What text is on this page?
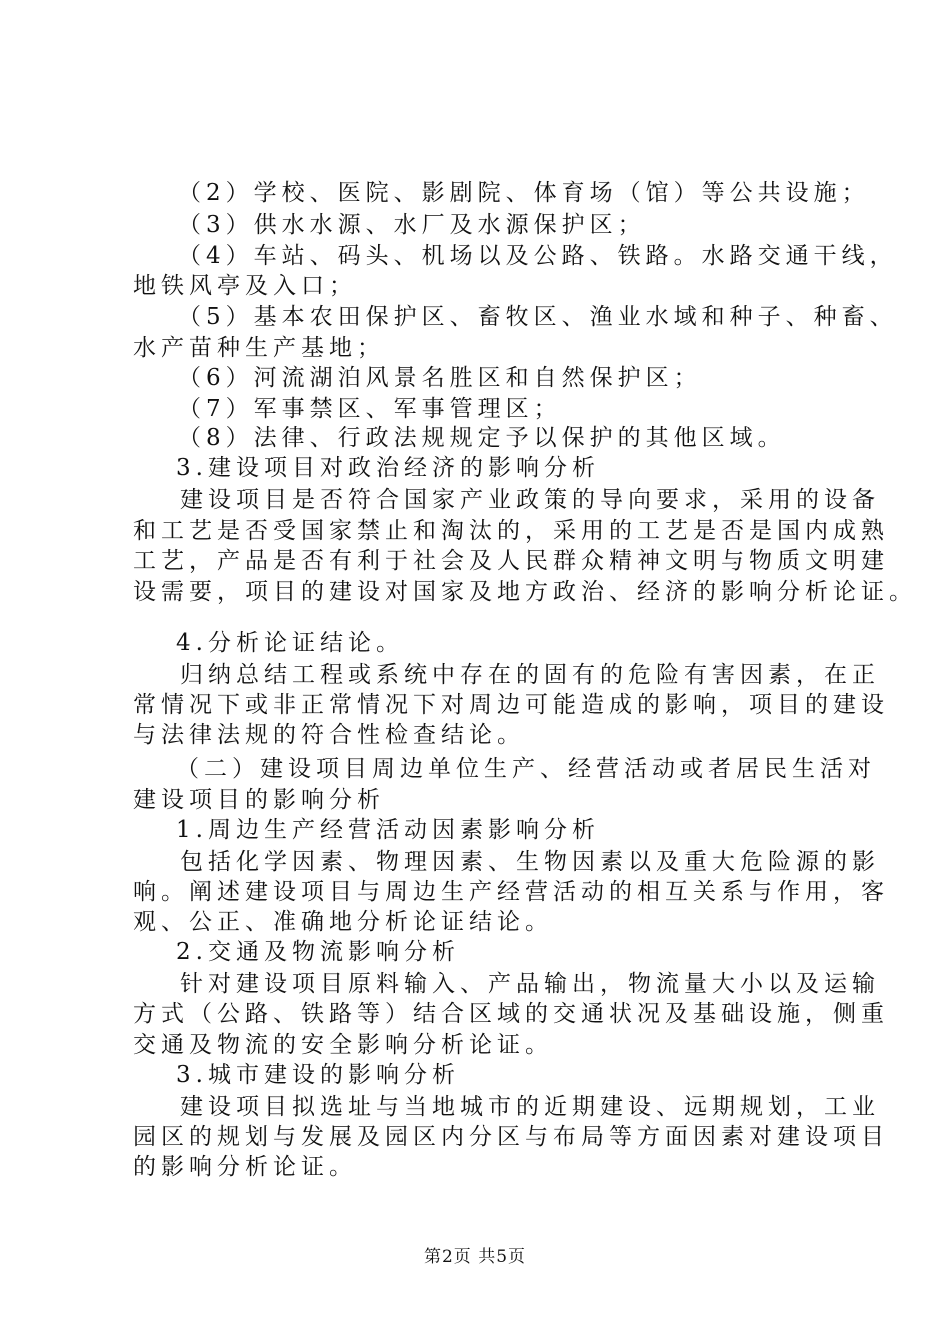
（2）学校、医院、影剧院、体育场（馆）等公共设施；
（3）供水水源、水厂及水源保护区；
（4）车站、码头、机场以及公路、铁路。水路交通干线，
地铁风亭及入口；
（5）基本农田保护区、畜牧区、渔业水域和种子、种畜、
水产苗种生产基地；
（6）河流湖泊风景名胜区和自然保护区；
（7）军事禁区、军事管理区；
（8）法律、行政法规规定予以保护的其他区域。
3.建设项目对政治经济的影响分析
建设项目是否符合国家产业政策的导向要求，采用的设备
和工艺是否受国家禁止和淘汰的，采用的工艺是否是国内成熟
工艺，产品是否有利于社会及人民群众精神文明与物质文明建
设需要，项目的建设对国家及地方政治、经济的影响分析论证。
4.分析论证结论。
归纳总结工程或系统中存在的固有的危险有害因素，在正
常情况下或非正常情况下对周边可能造成的影响，项目的建设
与法律法规的符合性检查结论。
（二）建设项目周边单位生产、经营活动或者居民生活对
建设项目的影响分析
1.周边生产经营活动因素影响分析
包括化学因素、物理因素、生物因素以及重大危险源的影
响。阐述建设项目与周边生产经营活动的相互关系与作用，客
观、公正、准确地分析论证结论。
2.交通及物流影响分析
针对建设项目原料输入、产品输出，物流量大小以及运输
方式（公路、铁路等）结合区域的交通状况及基础设施，侧重
交通及物流的安全影响分析论证。
3.城市建设的影响分析
建设项目拟选址与当地城市的近期建设、远期规划，工业
园区的规划与发展及园区内分区与布局等方面因素对建设项目
的影响分析论证。
第2页 共5页
